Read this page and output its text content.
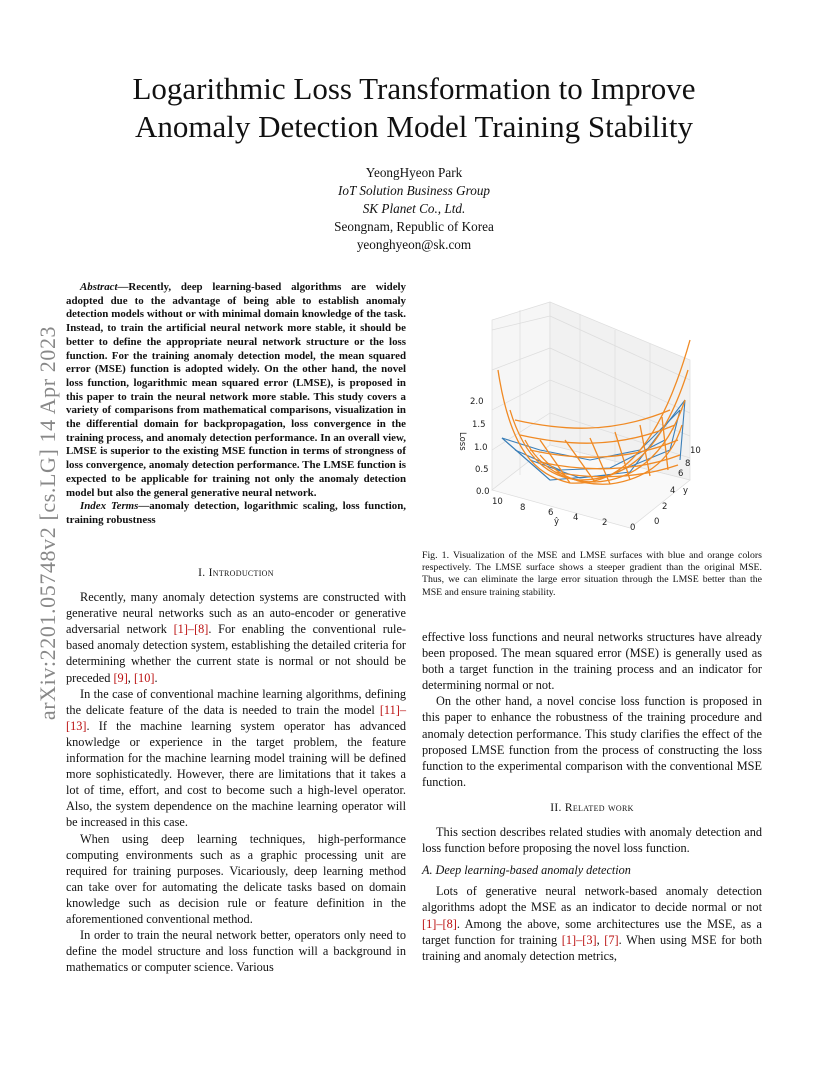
Logarithmic Loss Transformation to Improve
Anomaly Detection Model Training Stability
YeongHyeon Park
IoT Solution Business Group
SK Planet Co., Ltd.
Seongnam, Republic of Korea
yeonghyeon@sk.com
arXiv:2201.05748v2 [cs.LG] 14 Apr 2023

Abstract—Recently, deep learning-based algorithms are widely adopted due to the advantage of being able to establish anomaly detection models without or with minimal domain knowledge of the task. Instead, to train the artificial neural network more stable, it should be better to define the appropriate neural network structure or the loss function. For the training anomaly detection model, the mean squared error (MSE) function is adopted widely. On the other hand, the novel loss function, logarithmic mean squared error (LMSE), is proposed in this paper to train the neural network more stable. This study covers a variety of comparisons from mathematical comparisons, visualization in the differential domain for backpropagation, loss convergence in the training process, and anomaly detection performance. In an overall view, LMSE is superior to the existing MSE function in terms of strongness of loss convergence, anomaly detection performance. The LMSE function is expected to be applicable for training not only the anomaly detection model but also the general generative neural network.

Index Terms—anomaly detection, logarithmic scaling, loss function, training robustness

I. Introduction

Recently, many anomaly detection systems are constructed with generative neural networks such as an auto-encoder or generative adversarial network [1]–[8]. For enabling the conventional rule-based anomaly detection system, establishing the detailed criteria for determining whether the current state is normal or not should be preceded [9], [10].

In the case of conventional machine learning algorithms, defining the delicate feature of the data is needed to train the model [11]–[13]. If the machine learning system operator has advanced knowledge or experience in the target problem, the feature information for the machine learning model training will be defined more sophisticatedly. However, there are limitations that it takes a lot of time, effort, and cost to become such a high-level operator. Also, the system dependence on the machine learning operator will be increased in this case.

When using deep learning techniques, high-performance computing environments such as a graphic processing unit are required for training purposes. Vicariously, deep learning method can take over for automating the delicate tasks based on domain knowledge such as decision rule or feature definition in the aforementioned conventional method.

In order to train the neural network better, operators only need to define the model structure and loss function will a background in mathematics or computer science. Various

2.0
1.5
1.0
0.5
0.0
Loss
10
8	6 4	2	0
ŷ	0
2
4
6
8
10
y
Fig. 1. Visualization of the MSE and LMSE surfaces with blue and orange colors respectively. The LMSE surface shows a steeper gradient than the original MSE. Thus, we can eliminate the large error situation through the LMSE better than the MSE and ensure training stability.

effective loss functions and neural networks structures have already been proposed. The mean squared error (MSE) is generally used as both a target function in the training process and an indicator for determining normal or not.

On the other hand, a novel concise loss function is proposed in this paper to enhance the robustness of the training procedure and anomaly detection performance. This study clarifies the effect of the proposed LMSE function from the process of constructing the loss function to the experimental comparison with the conventional MSE function.

II. Related work

This section describes related studies with anomaly detection and loss function before proposing the novel loss function.

A. Deep learning-based anomaly detection

Lots of generative neural network-based anomaly detection algorithms adopt the MSE as an indicator to decide normal or not [1]–[8]. Among the above, some architectures use the MSE, as a target function for training [1]–[3], [7]. When using MSE for both training and anomaly detection metrics,
